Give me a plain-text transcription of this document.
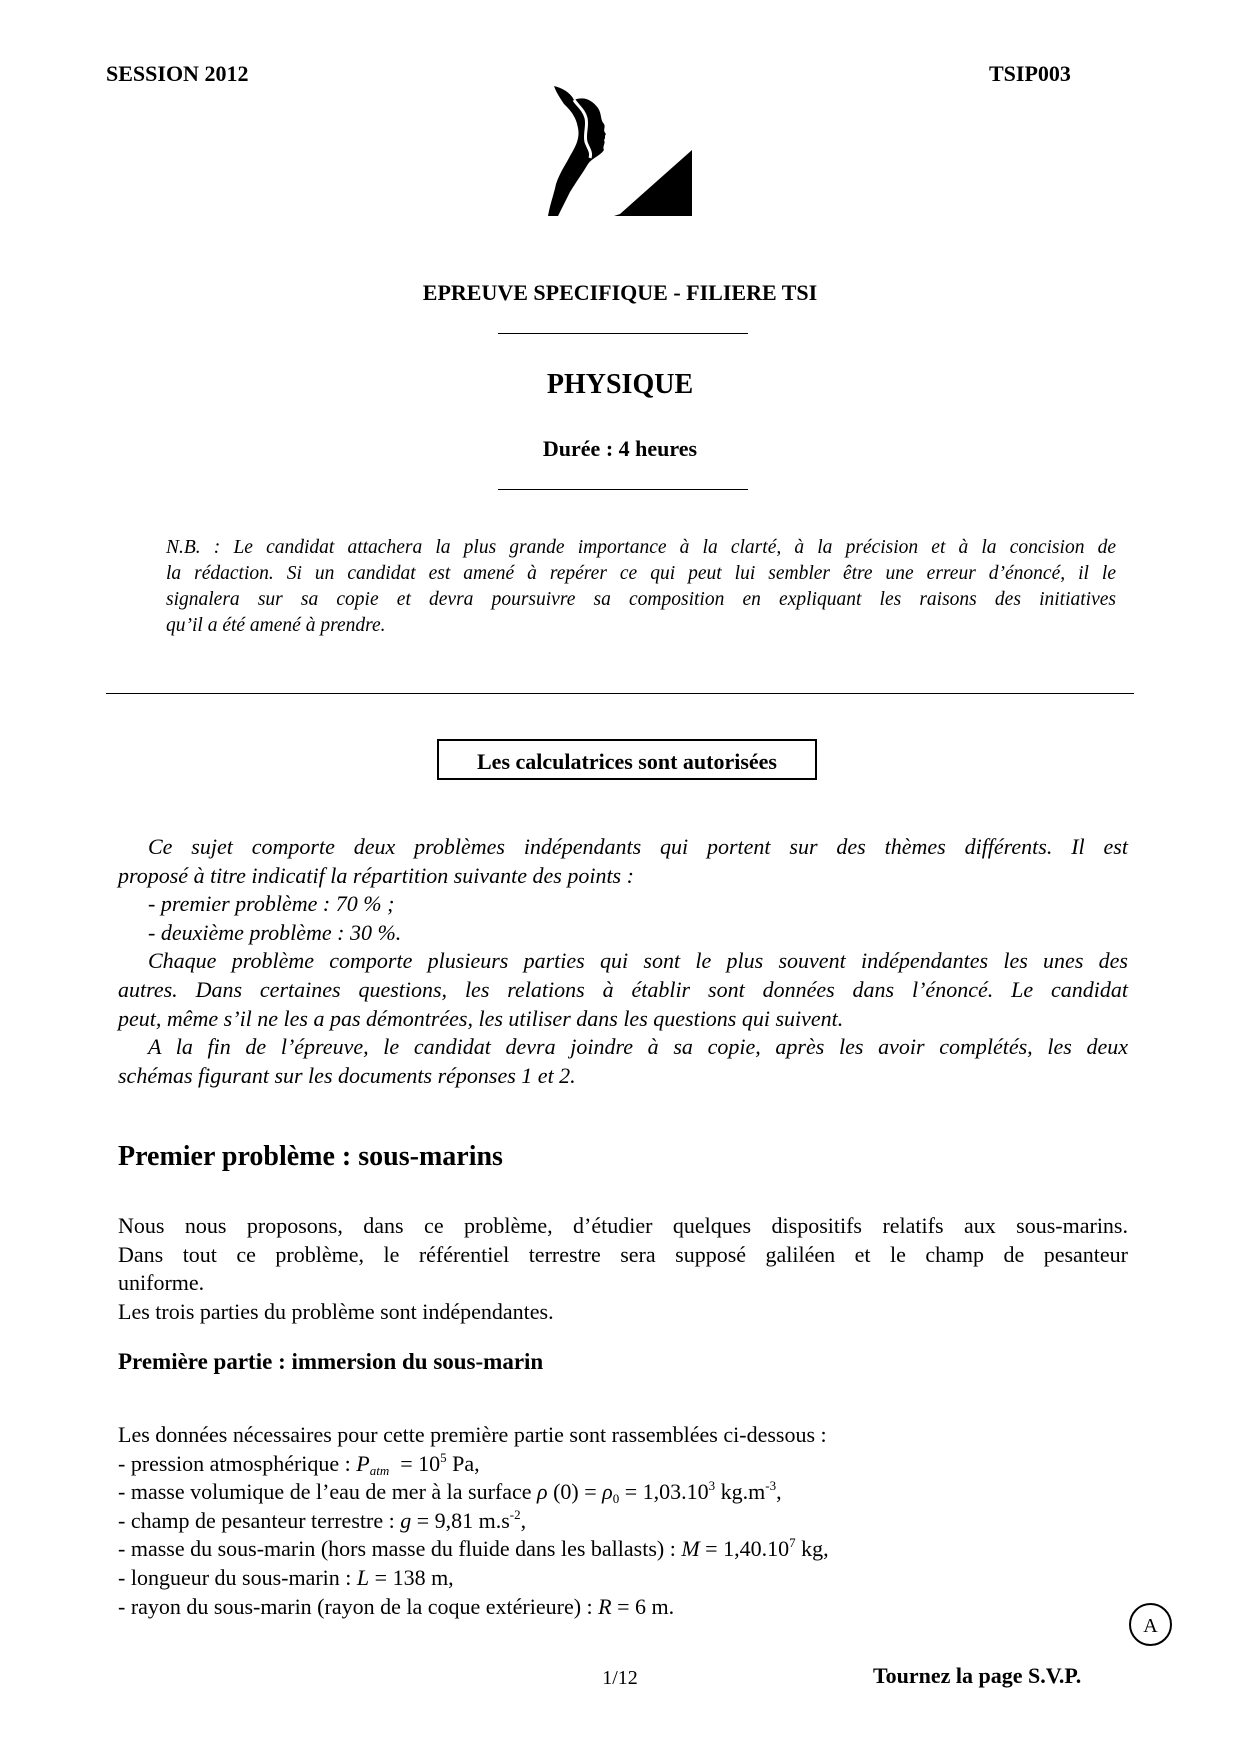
SESSION 2012	TSIP003
EPREUVE SPECIFIQUE - FILIERE TSI
PHYSIQUE
Durée : 4 heures
N.B. : Le candidat attachera la plus grande importance à la clarté, à la précision et à la concision de
la rédaction. Si un candidat est amené à repérer ce qui peut lui sembler être une erreur d’énoncé, il le
signalera sur sa copie et devra poursuivre sa composition en expliquant les raisons des initiatives
qu’il a été amené à prendre.
Les calculatrices sont autorisées
Ce sujet comporte deux problèmes indépendants qui portent sur des thèmes différents. Il est
proposé à titre indicatif la répartition suivante des points :
- premier problème : 70 % ;
- deuxième problème : 30 %.
Chaque problème comporte plusieurs parties qui sont le plus souvent indépendantes les unes des
autres. Dans certaines questions, les relations à établir sont données dans l’énoncé. Le candidat
peut, même s’il ne les a pas démontrées, les utiliser dans les questions qui suivent.
A la fin de l’épreuve, le candidat devra joindre à sa copie, après les avoir complétés, les deux
schémas figurant sur les documents réponses 1 et 2.
Premier problème : sous-marins
Nous nous proposons, dans ce problème, d’étudier quelques dispositifs relatifs aux sous-marins.
Dans tout ce problème, le référentiel terrestre sera supposé galiléen et le champ de pesanteur
uniforme.
Les trois parties du problème sont indépendantes.
Première partie : immersion du sous-marin
Les données nécessaires pour cette première partie sont rassemblées ci-dessous :
- pression atmosphérique : $P_{atm} = 10^5$ Pa,
- masse volumique de l’eau de mer à la surface ρ $(0) = \rho_0 = 1,03.10^3$ $kg.m^{-3}$,
- champ de pesanteur terrestre : g = 9,81 $m.s^{-2}$,
- masse du sous-marin (hors masse du fluide dans les ballasts) : $M = 1,40.10^7$ kg,
- longueur du sous-marin : L = 138 m,
- rayon du sous-marin (rayon de la coque extérieure) : R = 6 m.
A
1/12	Tournez la page S.V.P.
